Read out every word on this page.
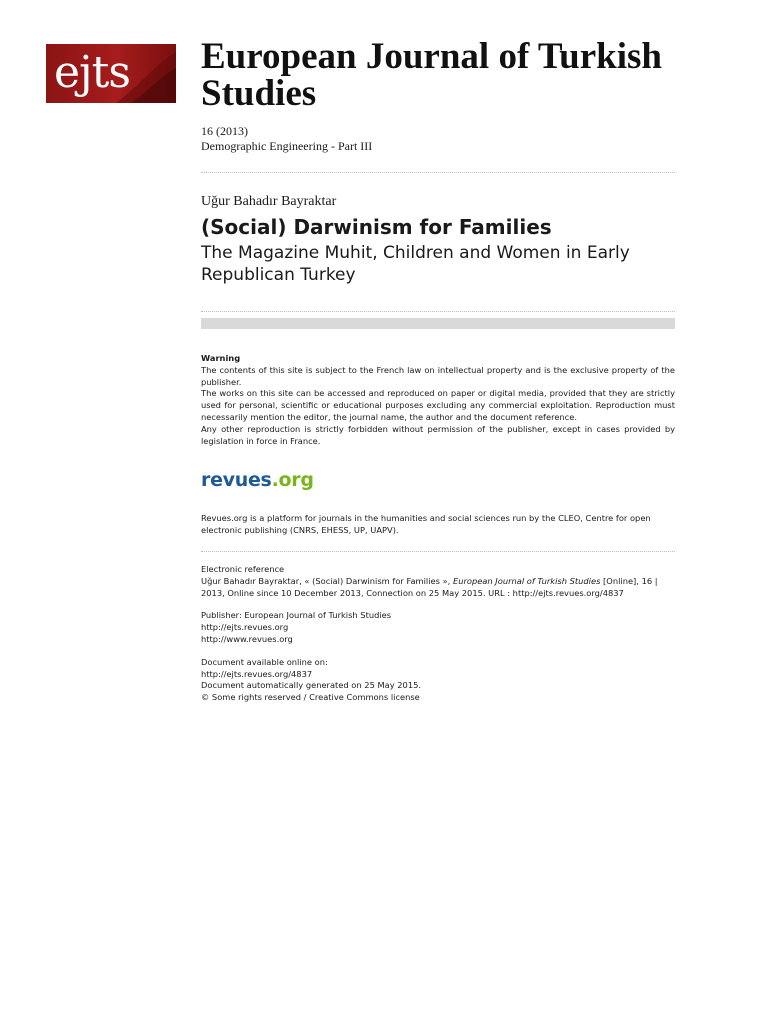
ejts European Journal of Turkish Studies
16 (2013)
Demographic Engineering - Part III
Uğur Bahadır Bayraktar
(Social) Darwinism for Families
The Magazine Muhit, Children and Women in Early Republican Turkey
Warning
The contents of this site is subject to the French law on intellectual property and is the exclusive property of the publisher.
The works on this site can be accessed and reproduced on paper or digital media, provided that they are strictly used for personal, scientific or educational purposes excluding any commercial exploitation. Reproduction must necessarily mention the editor, the journal name, the author and the document reference.
Any other reproduction is strictly forbidden without permission of the publisher, except in cases provided by legislation in force in France.
revues.org
Revues.org is a platform for journals in the humanities and social sciences run by the CLEO, Centre for open electronic publishing (CNRS, EHESS, UP, UAPV).

Electronic reference

Uğur Bahadır Bayraktar, « (Social) Darwinism for Families », European Journal of Turkish Studies [Online], 16 | 2013, Online since 10 December 2013, Connection on 25 May 2015. URL : http://ejts.revues.org/4837

Publisher: European Journal of Turkish Studies

http://ejts.revues.org

http://www.revues.org

Document available online on:

http://ejts.revues.org/4837

Document automatically generated on 25 May 2015.

© Some rights reserved / Creative Commons license
